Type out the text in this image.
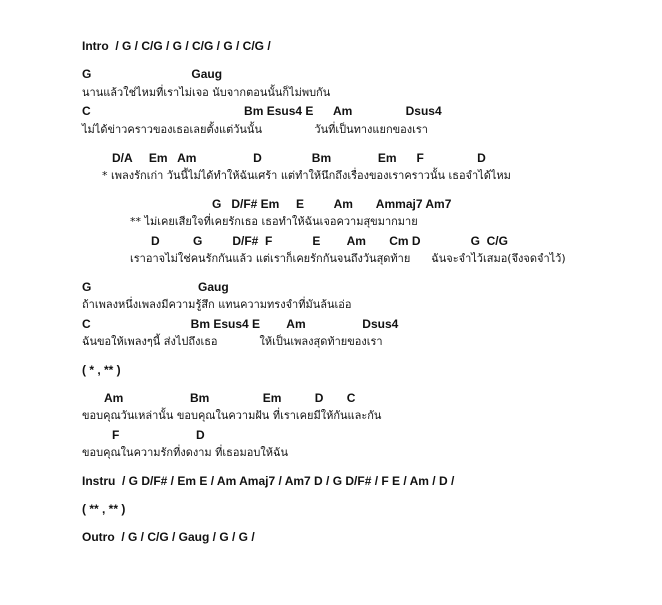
Intro  / G / C/G / G / C/G / G / C/G /
G                              Gaug
นานแล้วใช่ไหมที่เราไม่เจอ นับจากตอนนั้นก็ไม่พบกัน
C                                              Bm Esus4 E      Am                Dsus4
ไม่ได้ข่าวคราวของเธอเลยตั้งแต่วันนั้น               วันที่เป็นทางแยกของเรา
D/A     Em   Am                 D               Bm              Em      F                D
* เพลงรักเก่า วันนี้ไม่ได้ทำให้ฉันเศร้า แต่ทำให้นึกถึงเรื่องของเราคราวนั้น เธอจำได้ไหม
G   D/F# Em     E         Am       Ammaj7 Am7
** ไม่เคยเสียใจที่เคยรักเธอ เธอทำให้ฉันเจอความสุขมากมาย
D          G         D/F#  F            E        Am       Cm D               G  C/G
เราอาจไม่ใช่คนรักกันแล้ว แต่เราก็เคยรักกันจนถึงวันสุดท้าย      ฉันจะจำไว้เสมอ(จึงจดจำไว้)
G                                Gaug
ถ้าเพลงหนึ่งเพลงมีความรู้สึก แทนความทรงจำที่มันล้นเอ่อ
C                              Bm Esus4 E        Am                 Dsus4
ฉันขอให้เพลงๆนี้ ส่งไปถึงเธอ            ให้เป็นเพลงสุดท้ายของเรา
( * , ** )
Am                    Bm                Em          D       C
ขอบคุณวันเหล่านั้น ขอบคุณในความฝัน ที่เราเคยมีให้กันและกัน
F                       D
ขอบคุณในความรักที่งดงาม ที่เธอมอบให้ฉัน
Instru  / G D/F# / Em E / Am Amaj7 / Am7 D / G D/F# / F E / Am / D /
( ** , ** )
Outro  / G / C/G / Gaug / G / G /
